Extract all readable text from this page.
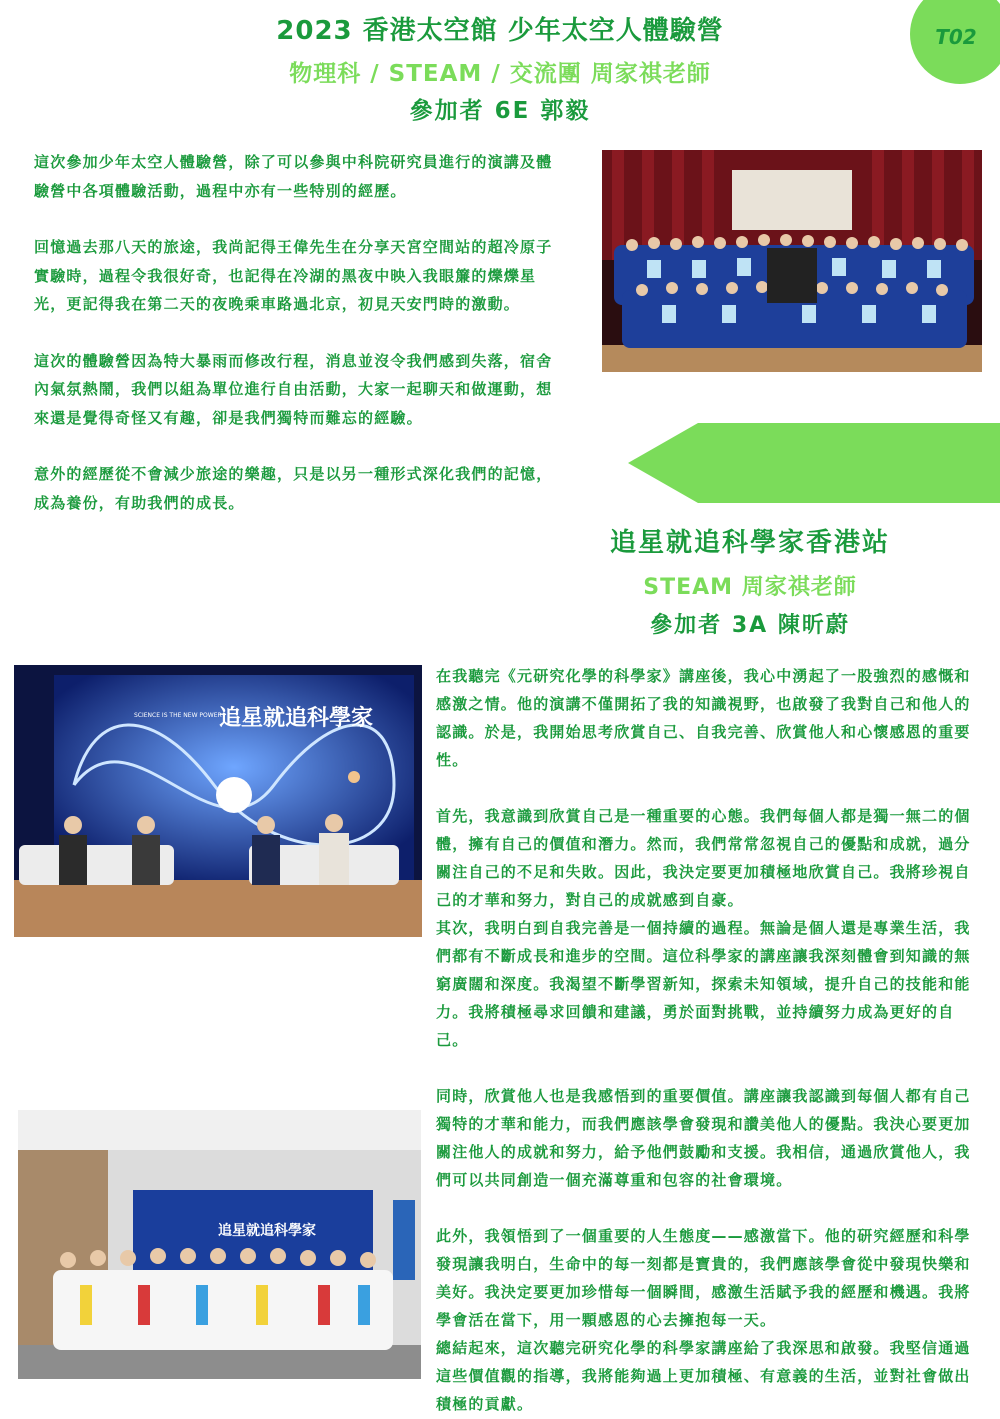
T02
2023 香港太空館 少年太空人體驗營
物理科 / STEAM / 交流團 周家祺老師
參加者 6E 郭毅

這次參加少年太空人體驗營，除了可以參與中科院研究員進行的演講及體驗營中各項體驗活動，過程中亦有一些特別的經歷。

回憶過去那八天的旅途，我尚記得王偉先生在分享天宮空間站的超冷原子實驗時，過程令我很好奇，也記得在冷湖的黑夜中映入我眼簾的爍爍星光，更記得我在第二天的夜晚乘車路過北京，初見天安門時的激動。

這次的體驗營因為特大暴雨而修改行程，消息並沒令我們感到失落，宿舍內氣氛熱鬧，我們以組為單位進行自由活動，大家一起聊天和做運動，想來還是覺得奇怪又有趣，卻是我們獨特而難忘的經驗。

意外的經歷從不會減少旅途的樂趣，只是以另一種形式深化我們的記憶，成為養份，有助我們的成長。

追星就追科學家香港站
STEAM 周家祺老師
參加者 3A 陳昕蔚
追星就追科學家
SCIENCE IS THE NEW POWER
追星就追科學家

在我聽完《元研究化學的科學家》講座後，我心中湧起了一股強烈的感慨和感激之情。他的演講不僅開拓了我的知識視野，也啟發了我對自己和他人的認識。於是，我開始思考欣賞自己、自我完善、欣賞他人和心懷感恩的重要性。

首先，我意識到欣賞自己是一種重要的心態。我們每個人都是獨一無二的個體，擁有自己的價值和潛力。然而，我們常常忽視自己的優點和成就，過分關注自己的不足和失敗。因此，我決定要更加積極地欣賞自己。我將珍視自己的才華和努力，對自己的成就感到自豪。

其次，我明白到自我完善是一個持續的過程。無論是個人還是專業生活，我們都有不斷成長和進步的空間。這位科學家的講座讓我深刻體會到知識的無窮廣闊和深度。我渴望不斷學習新知，探索未知領域，提升自己的技能和能力。我將積極尋求回饋和建議，勇於面對挑戰，並持續努力成為更好的自己。

同時，欣賞他人也是我感悟到的重要價值。講座讓我認識到每個人都有自己獨特的才華和能力，而我們應該學會發現和讚美他人的優點。我決心要更加關注他人的成就和努力，給予他們鼓勵和支援。我相信，通過欣賞他人，我們可以共同創造一個充滿尊重和包容的社會環境。

此外，我領悟到了一個重要的人生態度——感激當下。他的研究經歷和科學發現讓我明白，生命中的每一刻都是寶貴的，我們應該學會從中發現快樂和美好。我決定要更加珍惜每一個瞬間，感激生活賦予我的經歷和機遇。我將學會活在當下，用一顆感恩的心去擁抱每一天。

總結起來，這次聽完研究化學的科學家講座給了我深思和啟發。我堅信通過這些價值觀的指導，我將能夠過上更加積極、有意義的生活，並對社會做出積極的貢獻。
